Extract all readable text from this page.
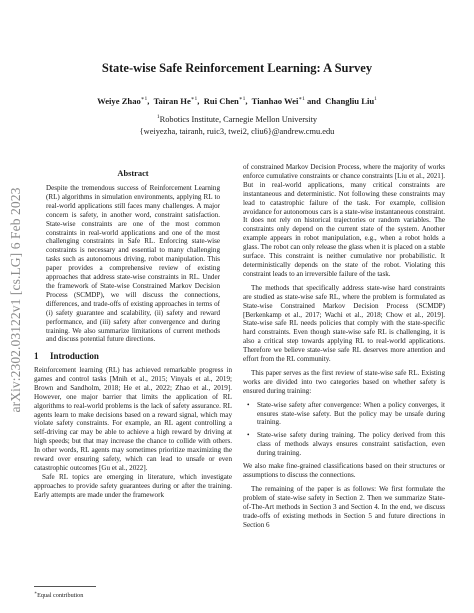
arXiv:2302.03122v1 [cs.LG] 6 Feb 2023
State-wise Safe Reinforcement Learning: A Survey
Weiye Zhao$^{∗1}$,  Tairan $He^{∗1}$,  Rui Chen$^{∗1}$,  Tianhao Wei$^{∗1}$ and  Changliu Liu$^1$
$^1$Robotics Institute, Carnegie Mellon University
{weiyezha, tairanh, ruic3, twei2, cliu6}@andrew.cmu.edu
Abstract

Despite the tremendous success of Reinforcement Learning (RL) algorithms in simulation environments, applying RL to real-world applications still faces many challenges. A major concern is safety, in another word, constraint satisfaction. State-wise constraints are one of the most common constraints in real-world applications and one of the most challenging constraints in Safe RL. Enforcing state-wise constraints is necessary and essential to many challenging tasks such as autonomous driving, robot manipulation. This paper provides a comprehensive review of existing approaches that address state-wise constraints in RL. Under the framework of State-wise Constrained Markov Decision Process (SCMDP), we will discuss the connections, differences, and trade-offs of existing approaches in terms of (i) safety guarantee and scalability, (ii) safety and reward performance, and (iii) safety after convergence and during training. We also summarize limitations of current methods and discuss potential future directions.

1 Introduction

Reinforcement learning (RL) has achieved remarkable progress in games and control tasks [Mnih et al., 2015; Vinyals et al., 2019; Brown and Sandholm, 2018; He et al., 2022; Zhao et al., 2019]. However, one major barrier that limits the application of RL algorithms to real-world problems is the lack of safety assurance. RL agents learn to make decisions based on a reward signal, which may violate safety constraints. For example, an RL agent controlling a self-driving car may be able to achieve a high reward by driving at high speeds; but that may increase the chance to collide with others. In other words, RL agents may sometimes prioritize maximizing the reward over ensuring safety, which can lead to unsafe or even catastrophic outcomes [Gu et al., 2022].

Safe RL topics are emerging in literature, which investigate approaches to provide safety guarantees during or after the training. Early attempts are made under the framework

of constrained Markov Decision Process, where the majority of works enforce cumulative constraints or chance constraints [Liu et al., 2021]. But in real-world applications, many critical constraints are instantaneous and deterministic. Not following these constraints may lead to catastrophic failure of the task. For example, collision avoidance for autonomous cars is a state-wise instantaneous constraint. It does not rely on historical trajectories or random variables. The constraints only depend on the current state of the system. Another example appears in robot manipulation, e.g., when a robot holds a glass. The robot can only release the glass when it is placed on a stable surface. This constraint is neither cumulative nor probabilistic. It deterministically depends on the state of the robot. Violating this constraint leads to an irreversible failure of the task.

The methods that specifically address state-wise hard constraints are studied as state-wise safe RL, where the problem is formulated as State-wise Constrained Markov Decision Process (SCMDP) [Berkenkamp et al., 2017; Wachi et al., 2018; Chow et al., 2019]. State-wise safe RL needs policies that comply with the state-specific hard constraints. Even though state-wise safe RL is challenging, it is also a critical step towards applying RL to real-world applications. Therefore we believe state-wise safe RL deserves more attention and effort from the RL community.

This paper serves as the first review of state-wise safe RL. Existing works are divided into two categories based on whether safety is ensured during training:

• State-wise safety after convergence: When a policy converges, it ensures state-wise safety. But the policy may be unsafe during training.
• State-wise safety during training. The policy derived from this class of methods always ensures constraint satisfaction, even during training.

We also make fine-grained classifications based on their structures or assumptions to discuss the connections.

The remaining of the paper is as follows: We first formulate the problem of state-wise safety in Section 2. Then we summarize State-of-The-Art methods in Section 3 and Section 4. In the end, we discuss trade-offs of existing methods in Section 5 and future directions in Section 6

∗Equal contribution
